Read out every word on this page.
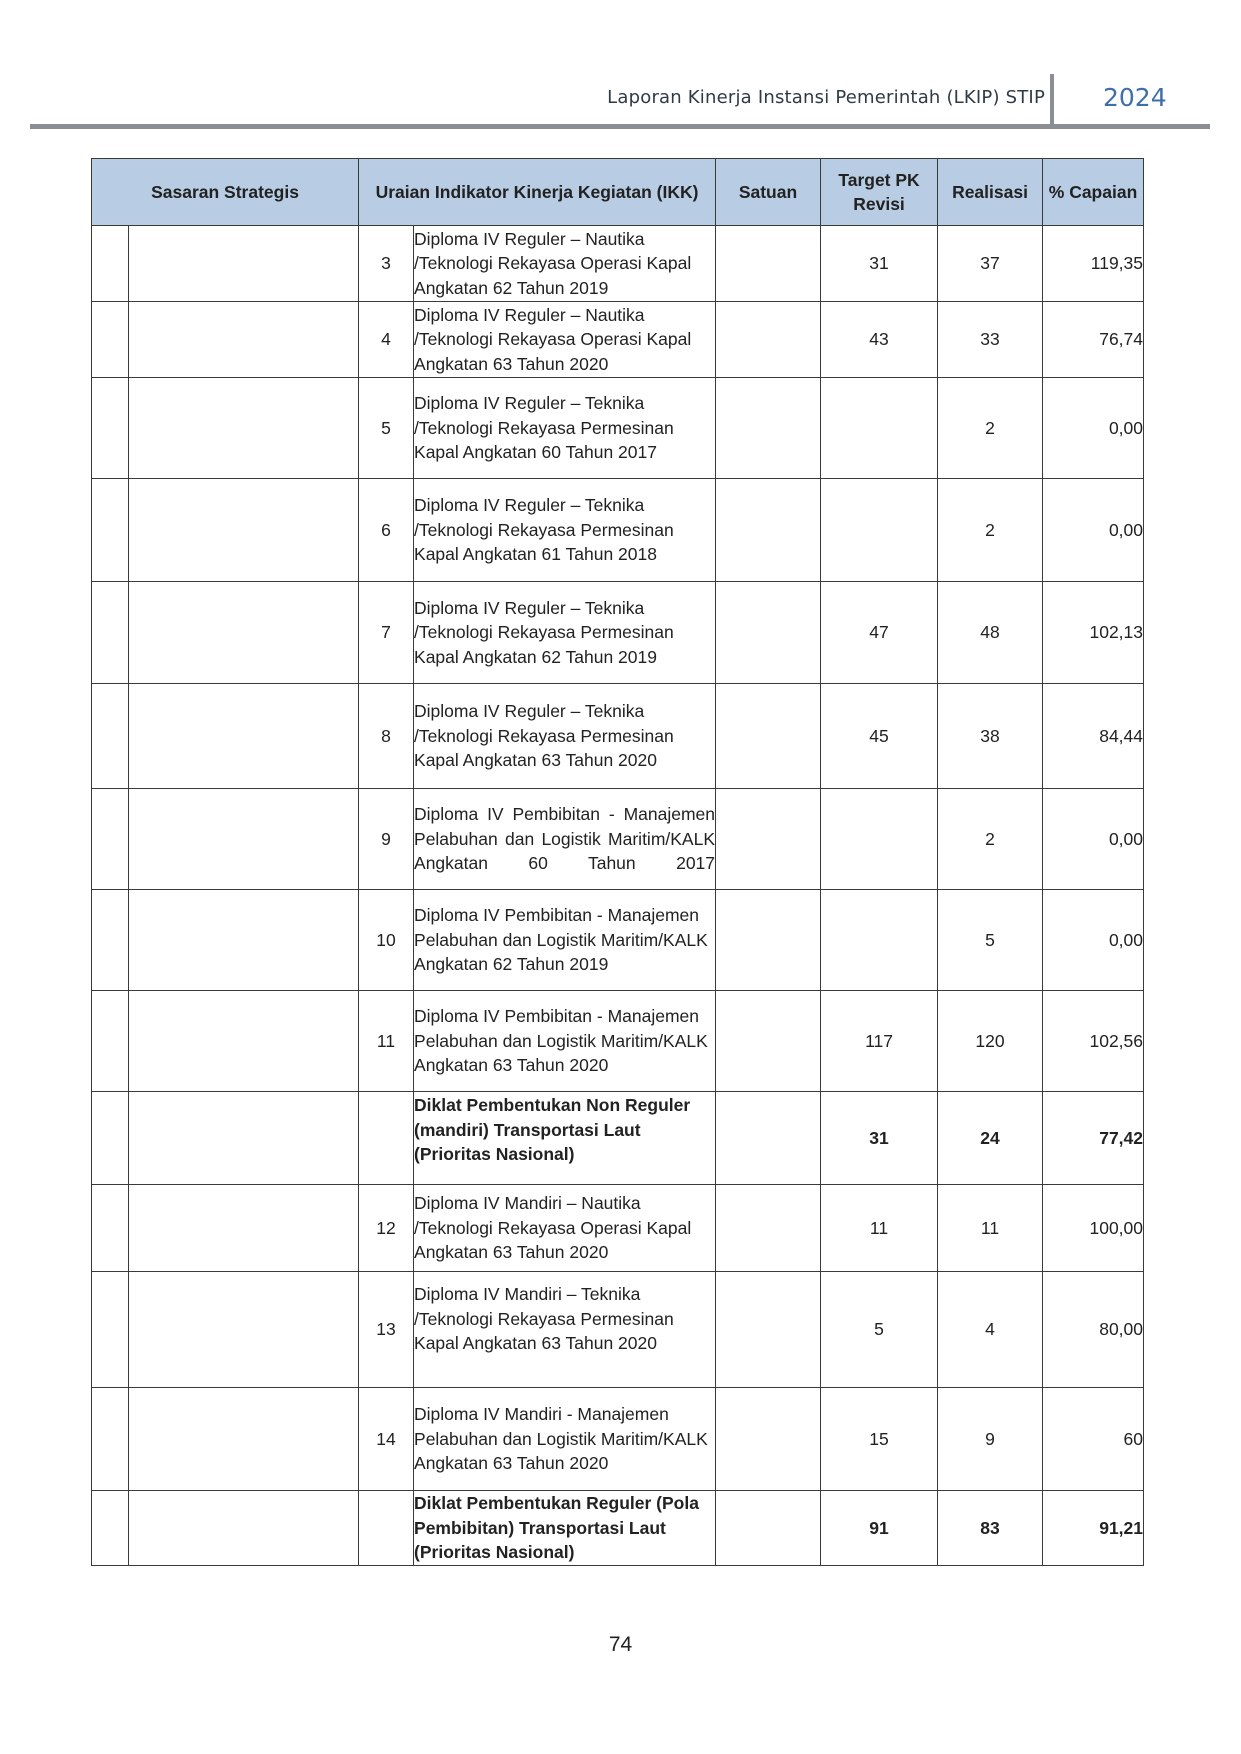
Laporan Kinerja Instansi Pemerintah (LKIP) STIP 2024
Sasaran Strategis		Uraian Indikator Kinerja Kegiatan (IKK)		Satuan	Target PK Revisi	Realisasi	% Capaian
		3	Diploma IV Reguler – Nautika /Teknologi Rekayasa Operasi Kapal Angkatan 62 Tahun 2019		31	37	119,35
		4	Diploma IV Reguler – Nautika /Teknologi Rekayasa Operasi Kapal Angkatan 63 Tahun 2020		43	33	76,74
		5	Diploma IV Reguler – Teknika /Teknologi Rekayasa Permesinan Kapal Angkatan 60 Tahun 2017			2	0,00
		6	Diploma IV Reguler – Teknika /Teknologi Rekayasa Permesinan Kapal Angkatan 61 Tahun 2018			2	0,00
		7	Diploma IV Reguler – Teknika /Teknologi Rekayasa Permesinan Kapal Angkatan 62 Tahun 2019		47	48	102,13
		8	Diploma IV Reguler – Teknika /Teknologi Rekayasa Permesinan Kapal Angkatan 63 Tahun 2020		45	38	84,44
		9	Diploma IV Pembibitan - Manajemen Pelabuhan dan Logistik Maritim/KALK Angkatan 60 Tahun 2017			2	0,00
		10	Diploma IV Pembibitan - Manajemen Pelabuhan dan Logistik Maritim/KALK Angkatan 62 Tahun 2019			5	0,00
		11	Diploma IV Pembibitan - Manajemen Pelabuhan dan Logistik Maritim/KALK Angkatan 63 Tahun 2020		117	120	102,56
			Diklat Pembentukan Non Reguler (mandiri) Transportasi Laut (Prioritas Nasional)		31	24	77,42
		12	Diploma IV Mandiri – Nautika /Teknologi Rekayasa Operasi Kapal Angkatan 63 Tahun 2020		11	11	100,00
		13	Diploma IV Mandiri – Teknika /Teknologi Rekayasa Permesinan Kapal Angkatan 63 Tahun 2020		5	4	80,00
		14	Diploma IV Mandiri - Manajemen Pelabuhan dan Logistik Maritim/KALK Angkatan 63 Tahun 2020		15	9	60
			Diklat Pembentukan Reguler (Pola Pembibitan) Transportasi Laut (Prioritas Nasional)		91	83	91,21
74
